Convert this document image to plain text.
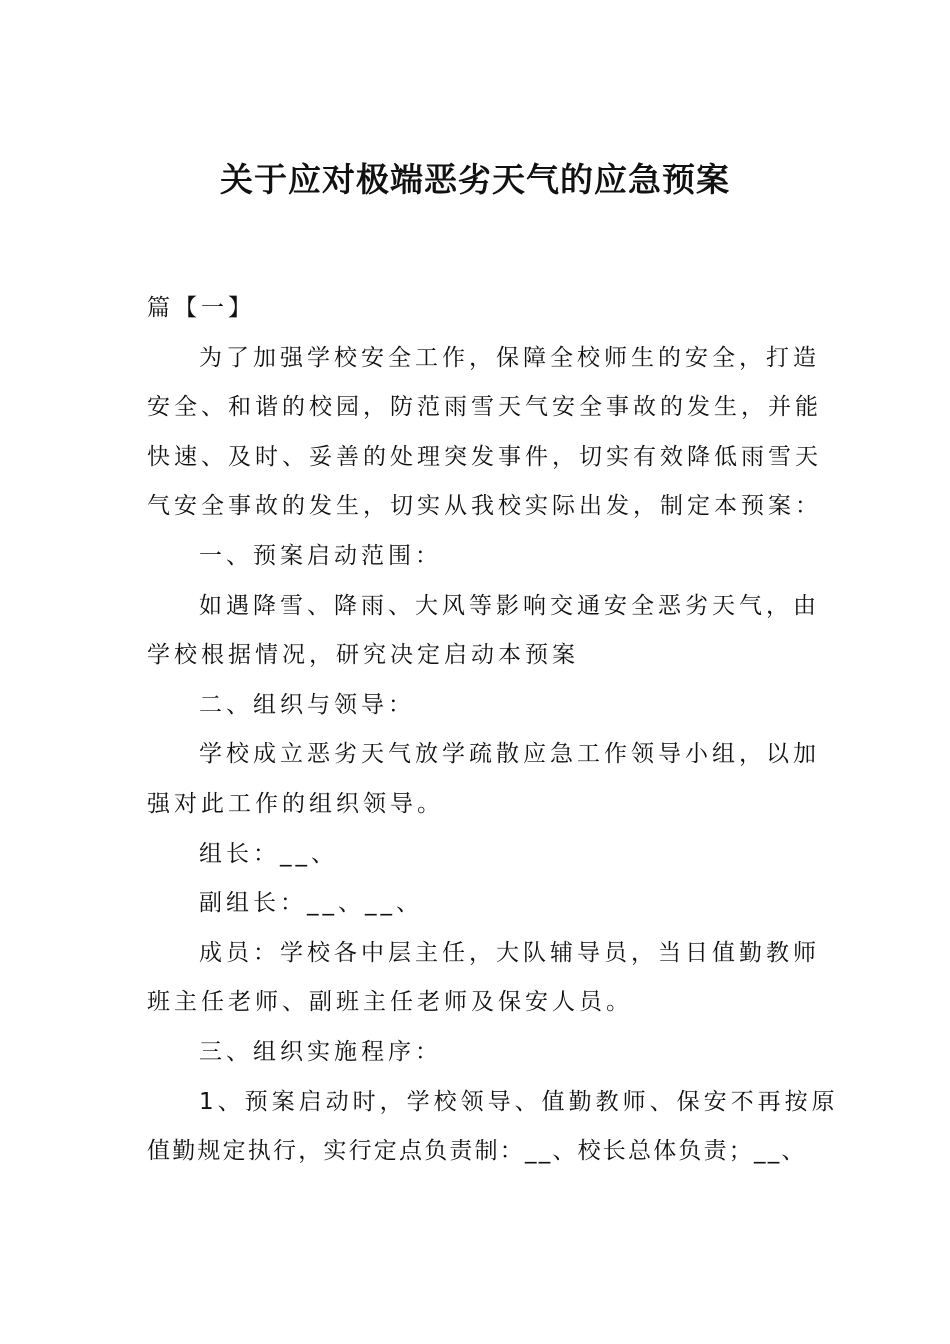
关于应对极端恶劣天气的应急预案

篇【一】

为了加强学校安全工作，保障全校师生的安全，打造

安全、和谐的校园，防范雨雪天气安全事故的发生，并能

快速、及时、妥善的处理突发事件，切实有效降低雨雪天

气安全事故的发生，切实从我校实际出发，制定本预案：

一、预案启动范围：

如遇降雪、降雨、大风等影响交通安全恶劣天气，由

学校根据情况，研究决定启动本预案

二、组织与领导：

学校成立恶劣天气放学疏散应急工作领导小组，以加

强对此工作的组织领导。

组长：__、

副组长：__、__、

成员：学校各中层主任，大队辅导员，当日值勤教师

班主任老师、副班主任老师及保安人员。

三、组织实施程序：

1、预案启动时，学校领导、值勤教师、保安不再按原

值勤规定执行，实行定点负责制：__、校长总体负责；__、
